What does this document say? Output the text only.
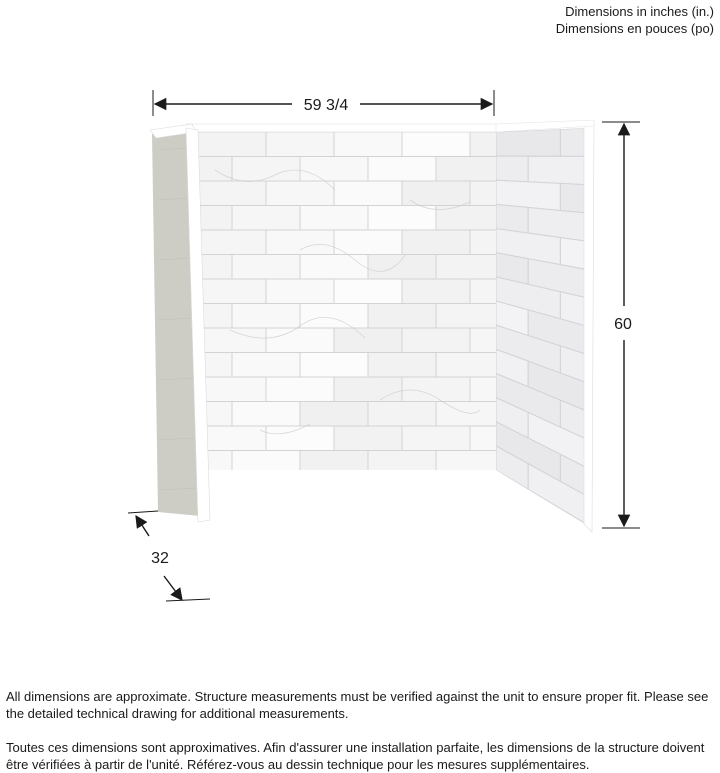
Dimensions in inches (in.)
Dimensions en pouces (po)
59 3/4
60
32

All dimensions are approximate. Structure measurements must be verified against the unit to ensure proper fit. Please see the detailed technical drawing for additional measurements.

Toutes ces dimensions sont approximatives. Afin d'assurer une installation parfaite, les dimensions de la structure doivent être vérifiées à partir de l'unité. Référez-vous au dessin technique pour les mesures supplémentaires.
